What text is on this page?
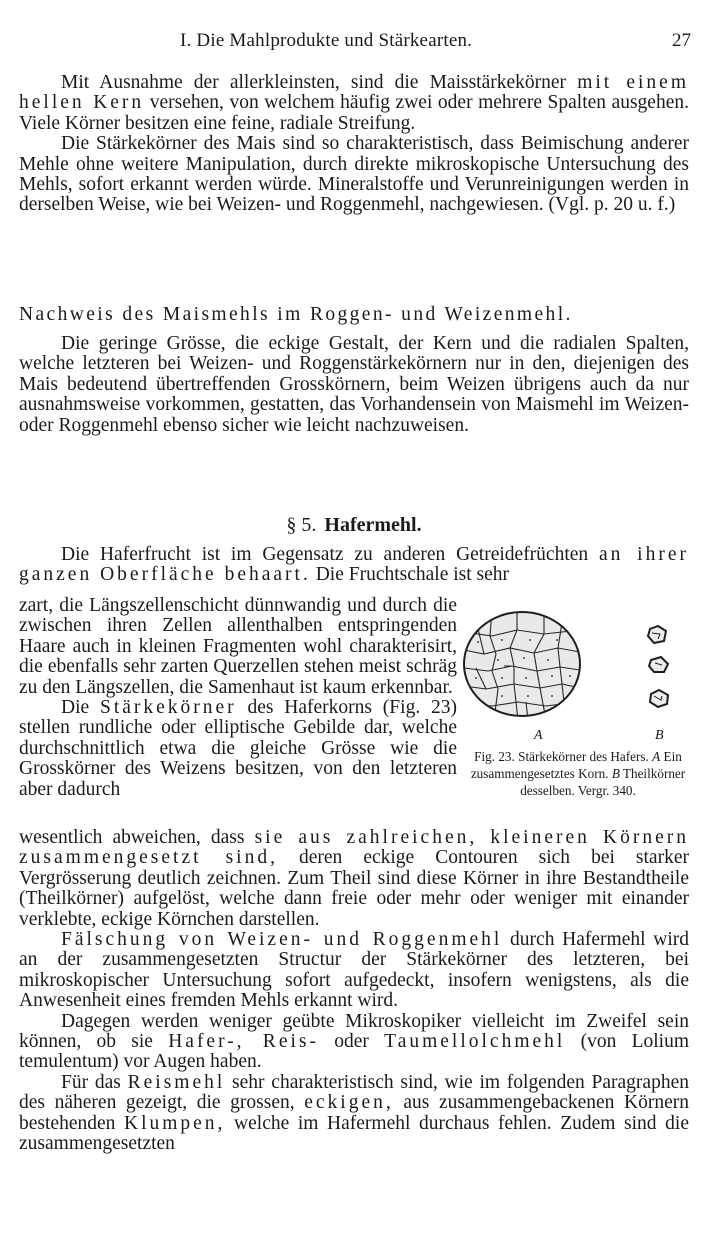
I. Die Mahlprodukte und Stärkearten.	27

Mit Ausnahme der allerkleinsten, sind die Maisstärkekörner mit einem hellen Kern versehen, von welchem häufig zwei oder mehrere Spalten ausgehen. Viele Körner besitzen eine feine, radiale Streifung.

Die Stärkekörner des Mais sind so charakteristisch, dass Beimischung anderer Mehle ohne weitere Manipulation, durch direkte mikroskopische Untersuchung des Mehls, sofort erkannt werden würde. Mineralstoffe und Verunreinigungen werden in derselben Weise, wie bei Weizen- und Roggenmehl, nachgewiesen. (Vgl. p. 20 u. f.)

Nachweis des Maismehls im Roggen- und Weizenmehl.

Die geringe Grösse, die eckige Gestalt, der Kern und die radialen Spalten, welche letzteren bei Weizen- und Roggenstärkekörnern nur in den, diejenigen des Mais bedeutend übertreffenden Grosskörnern, beim Weizen übrigens auch da nur ausnahmsweise vorkommen, gestatten, das Vorhandensein von Maismehl im Weizen- oder Roggenmehl ebenso sicher wie leicht nachzuweisen.

§ 5. Hafermehl.

Die Haferfrucht ist im Gegensatz zu anderen Getreidefrüchten an ihrer ganzen Oberfläche behaart. Die Fruchtschale ist sehr

zart, die Längszellenschicht dünnwandig und durch die zwischen ihren Zellen allenthalben entspringenden Haare auch in kleinen Fragmenten wohl charakterisirt, die ebenfalls sehr zarten Querzellen stehen meist schräg zu den Längszellen, die Samenhaut ist kaum erkennbar.

Die Stärkekörner des Haferkorns (Fig. 23) stellen rundliche oder elliptische Gebilde dar, welche durchschnittlich etwa die gleiche Grösse wie die Grosskörner des Weizens besitzen, von den letzteren aber dadurch

A	B
Fig. 23. Stärkekörner des Hafers. A Ein zusammengesetztes Korn. B Theilkörner desselben. Vergr. 340.

wesentlich abweichen, dass sie aus zahlreichen, kleineren Körnern zusammengesetzt sind, deren eckige Contouren sich bei starker Vergrösserung deutlich zeichnen. Zum Theil sind diese Körner in ihre Bestandtheile (Theilkörner) aufgelöst, welche dann freie oder mehr oder weniger mit einander verklebte, eckige Körnchen darstellen.

Fälschung von Weizen- und Roggenmehl durch Hafermehl wird an der zusammengesetzten Structur der Stärkekörner des letzteren, bei mikroskopischer Untersuchung sofort aufgedeckt, insofern wenigstens, als die Anwesenheit eines fremden Mehls erkannt wird.

Dagegen werden weniger geübte Mikroskopiker vielleicht im Zweifel sein können, ob sie Hafer-, Reis- oder Taumellolchmehl (von Lolium temulentum) vor Augen haben.

Für das Reismehl sehr charakteristisch sind, wie im folgenden Paragraphen des näheren gezeigt, die grossen, eckigen, aus zusammengebackenen Körnern bestehenden Klumpen, welche im Hafermehl durchaus fehlen. Zudem sind die zusammengesetzten
